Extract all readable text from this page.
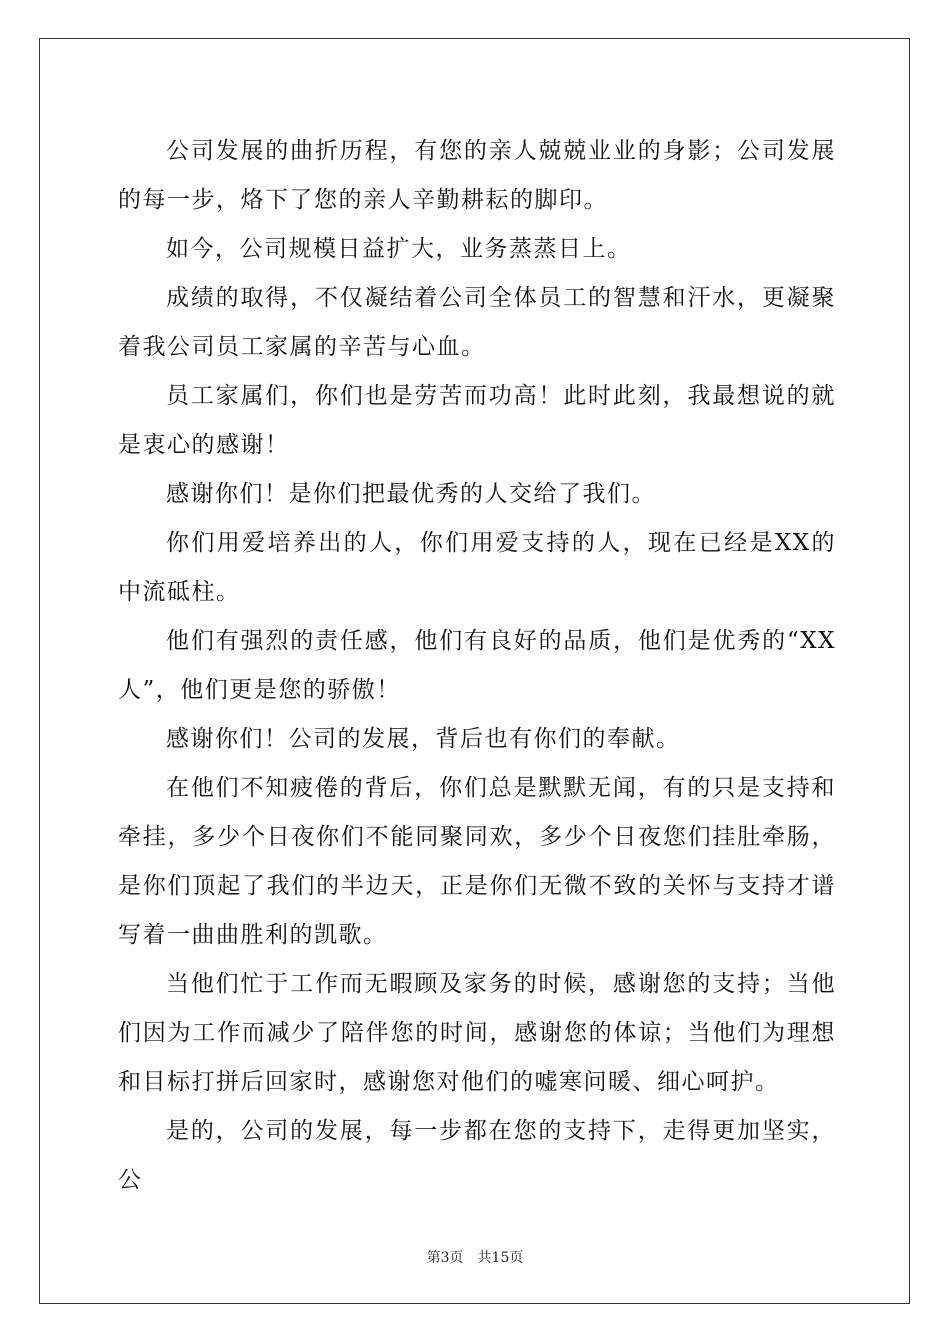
公司发展的曲折历程，有您的亲人兢兢业业的身影；公司发展的每一步，烙下了您的亲人辛勤耕耘的脚印。

如今，公司规模日益扩大，业务蒸蒸日上。

成绩的取得，不仅凝结着公司全体员工的智慧和汗水，更凝聚着我公司员工家属的辛苦与心血。

员工家属们，你们也是劳苦而功高！此时此刻，我最想说的就是衷心的感谢！

感谢你们！是你们把最优秀的人交给了我们。

你们用爱培养出的人，你们用爱支持的人，现在已经是XX的中流砥柱。

他们有强烈的责任感，他们有良好的品质，他们是优秀的“XX人”，他们更是您的骄傲！

感谢你们！公司的发展，背后也有你们的奉献。

在他们不知疲倦的背后，你们总是默默无闻，有的只是支持和牵挂，多少个日夜你们不能同聚同欢，多少个日夜您们挂肚牵肠，是你们顶起了我们的半边天，正是你们无微不致的关怀与支持才谱写着一曲曲胜利的凯歌。

当他们忙于工作而无暇顾及家务的时候，感谢您的支持；当他们因为工作而减少了陪伴您的时间，感谢您的体谅；当他们为理想和目标打拼后回家时，感谢您对他们的嘘寒问暖、细心呵护。

是的，公司的发展，每一步都在您的支持下，走得更加坚实，公

第3页　共15页
